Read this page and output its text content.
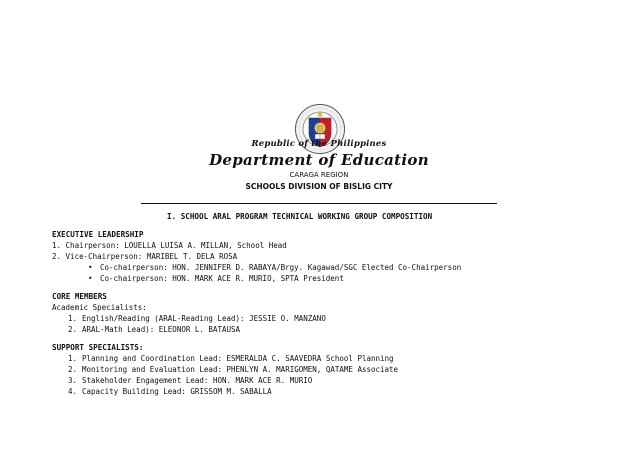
Republic of the Philippines
Department of Education
CARAGA REGION
SCHOOLS DIVISION OF BISLIG CITY
I. SCHOOL ARAL PROGRAM TECHNICAL WORKING GROUP COMPOSITION
EXECUTIVE LEADERSHIP
1. Chairperson: LOUELLA LUISA A. MILLAN, School Head
2. Vice-Chairperson: MARIBEL T. DELA ROSA
• Co-chairperson: HON. JENNIFER D. RABAYA/Brgy. Kagawad/SGC Elected Co-Chairperson
• Co-chairperson: HON. MARK ACE R. MURIO, SPTA President
CORE MEMBERS
Academic Specialists:
1. English/Reading (ARAL-Reading Lead): JESSIE O. MANZANO
2. ARAL-Math Lead): ELEONOR L. BATAUSA
SUPPORT SPECIALISTS:
1. Planning and Coordination Lead: ESMERALDA C. SAAVEDRA School Planning
2. Monitoring and Evaluation Lead: PHENLYN A. MARIGOMEN, QATAME Associate
3. Stakeholder Engagement Lead: HON. MARK ACE R. MURIO
4. Capacity Building Lead: GRISSOM M. SABALLA
